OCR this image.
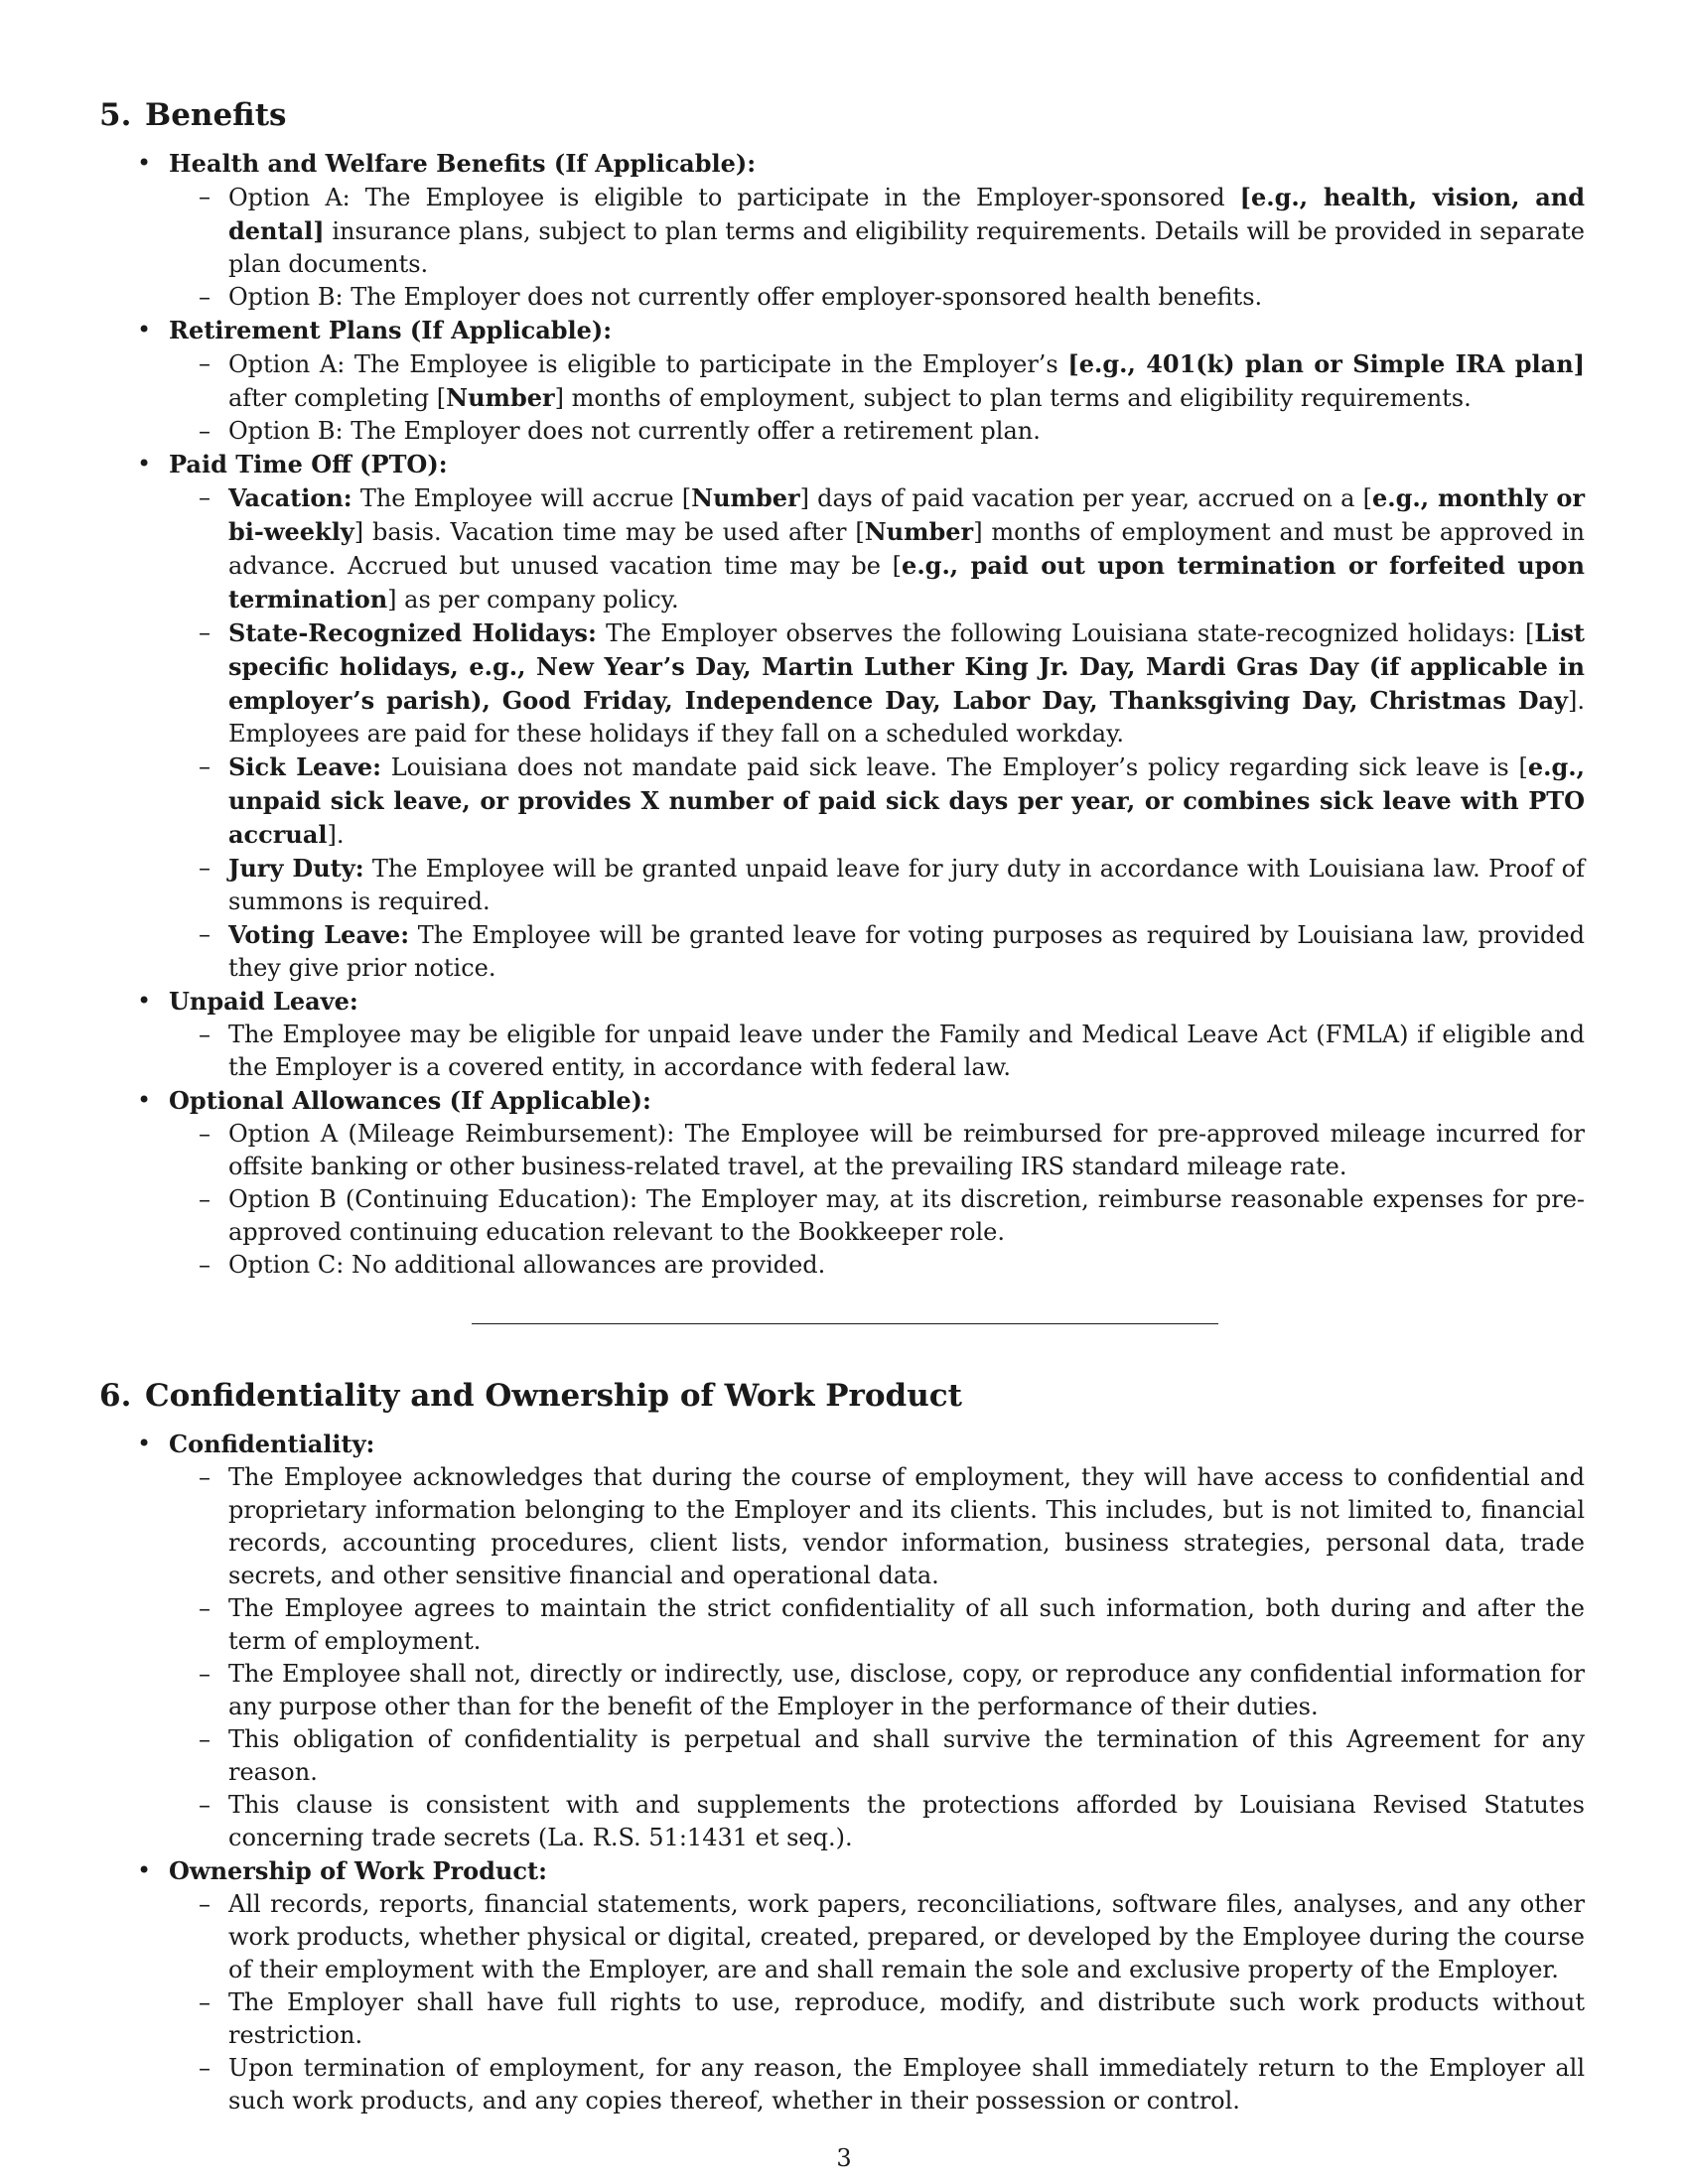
5. Benefits
• Health and Welfare Benefits (If Applicable):
– Option A: The Employee is eligible to participate in the Employer-sponsored [e.g., health, vision, and dental] insurance plans, subject to plan terms and eligibility requirements. Details will be provided in separate plan documents.
– Option B: The Employer does not currently offer employer-sponsored health benefits.
• Retirement Plans (If Applicable):
– Option A: The Employee is eligible to participate in the Employer’s [e.g., 401(k) plan or Simple IRA plan] after completing [Number] months of employment, subject to plan terms and eligibility requirements.
– Option B: The Employer does not currently offer a retirement plan.
• Paid Time Off (PTO):
– Vacation: The Employee will accrue [Number] days of paid vacation per year, accrued on a [e.g., monthly or bi-weekly] basis. Vacation time may be used after [Number] months of employment and must be approved in advance. Accrued but unused vacation time may be [e.g., paid out upon termination or forfeited upon termination] as per company policy.
– State-Recognized Holidays: The Employer observes the following Louisiana state-recognized holidays: [List specific holidays, e.g., New Year’s Day, Martin Luther King Jr. Day, Mardi Gras Day (if applicable in employer’s parish), Good Friday, Independence Day, Labor Day, Thanksgiving Day, Christmas Day]. Employees are paid for these holidays if they fall on a scheduled workday.
– Sick Leave: Louisiana does not mandate paid sick leave. The Employer’s policy regarding sick leave is [e.g., unpaid sick leave, or provides X number of paid sick days per year, or combines sick leave with PTO accrual].
– Jury Duty: The Employee will be granted unpaid leave for jury duty in accordance with Louisiana law. Proof of summons is required.
– Voting Leave: The Employee will be granted leave for voting purposes as required by Louisiana law, provided they give prior notice.
• Unpaid Leave:
– The Employee may be eligible for unpaid leave under the Family and Medical Leave Act (FMLA) if eligible and the Employer is a covered entity, in accordance with federal law.
• Optional Allowances (If Applicable):
– Option A (Mileage Reimbursement): The Employee will be reimbursed for pre-approved mileage incurred for offsite banking or other business-related travel, at the prevailing IRS standard mileage rate.
– Option B (Continuing Education): The Employer may, at its discretion, reimburse reasonable expenses for pre-approved continuing education relevant to the Bookkeeper role.
– Option C: No additional allowances are provided.
6. Confidentiality and Ownership of Work Product
• Confidentiality:
– The Employee acknowledges that during the course of employment, they will have access to confidential and proprietary information belonging to the Employer and its clients. This includes, but is not limited to, financial records, accounting procedures, client lists, vendor information, business strategies, personal data, trade secrets, and other sensitive financial and operational data.
– The Employee agrees to maintain the strict confidentiality of all such information, both during and after the term of employment.
– The Employee shall not, directly or indirectly, use, disclose, copy, or reproduce any confidential information for any purpose other than for the benefit of the Employer in the performance of their duties.
– This obligation of confidentiality is perpetual and shall survive the termination of this Agreement for any reason.
– This clause is consistent with and supplements the protections afforded by Louisiana Revised Statutes concerning trade secrets (La. R.S. 51:1431 et seq.).
• Ownership of Work Product:
– All records, reports, financial statements, work papers, reconciliations, software files, analyses, and any other work products, whether physical or digital, created, prepared, or developed by the Employee during the course of their employment with the Employer, are and shall remain the sole and exclusive property of the Employer.
– The Employer shall have full rights to use, reproduce, modify, and distribute such work products without restriction.
– Upon termination of employment, for any reason, the Employee shall immediately return to the Employer all such work products, and any copies thereof, whether in their possession or control.
3
